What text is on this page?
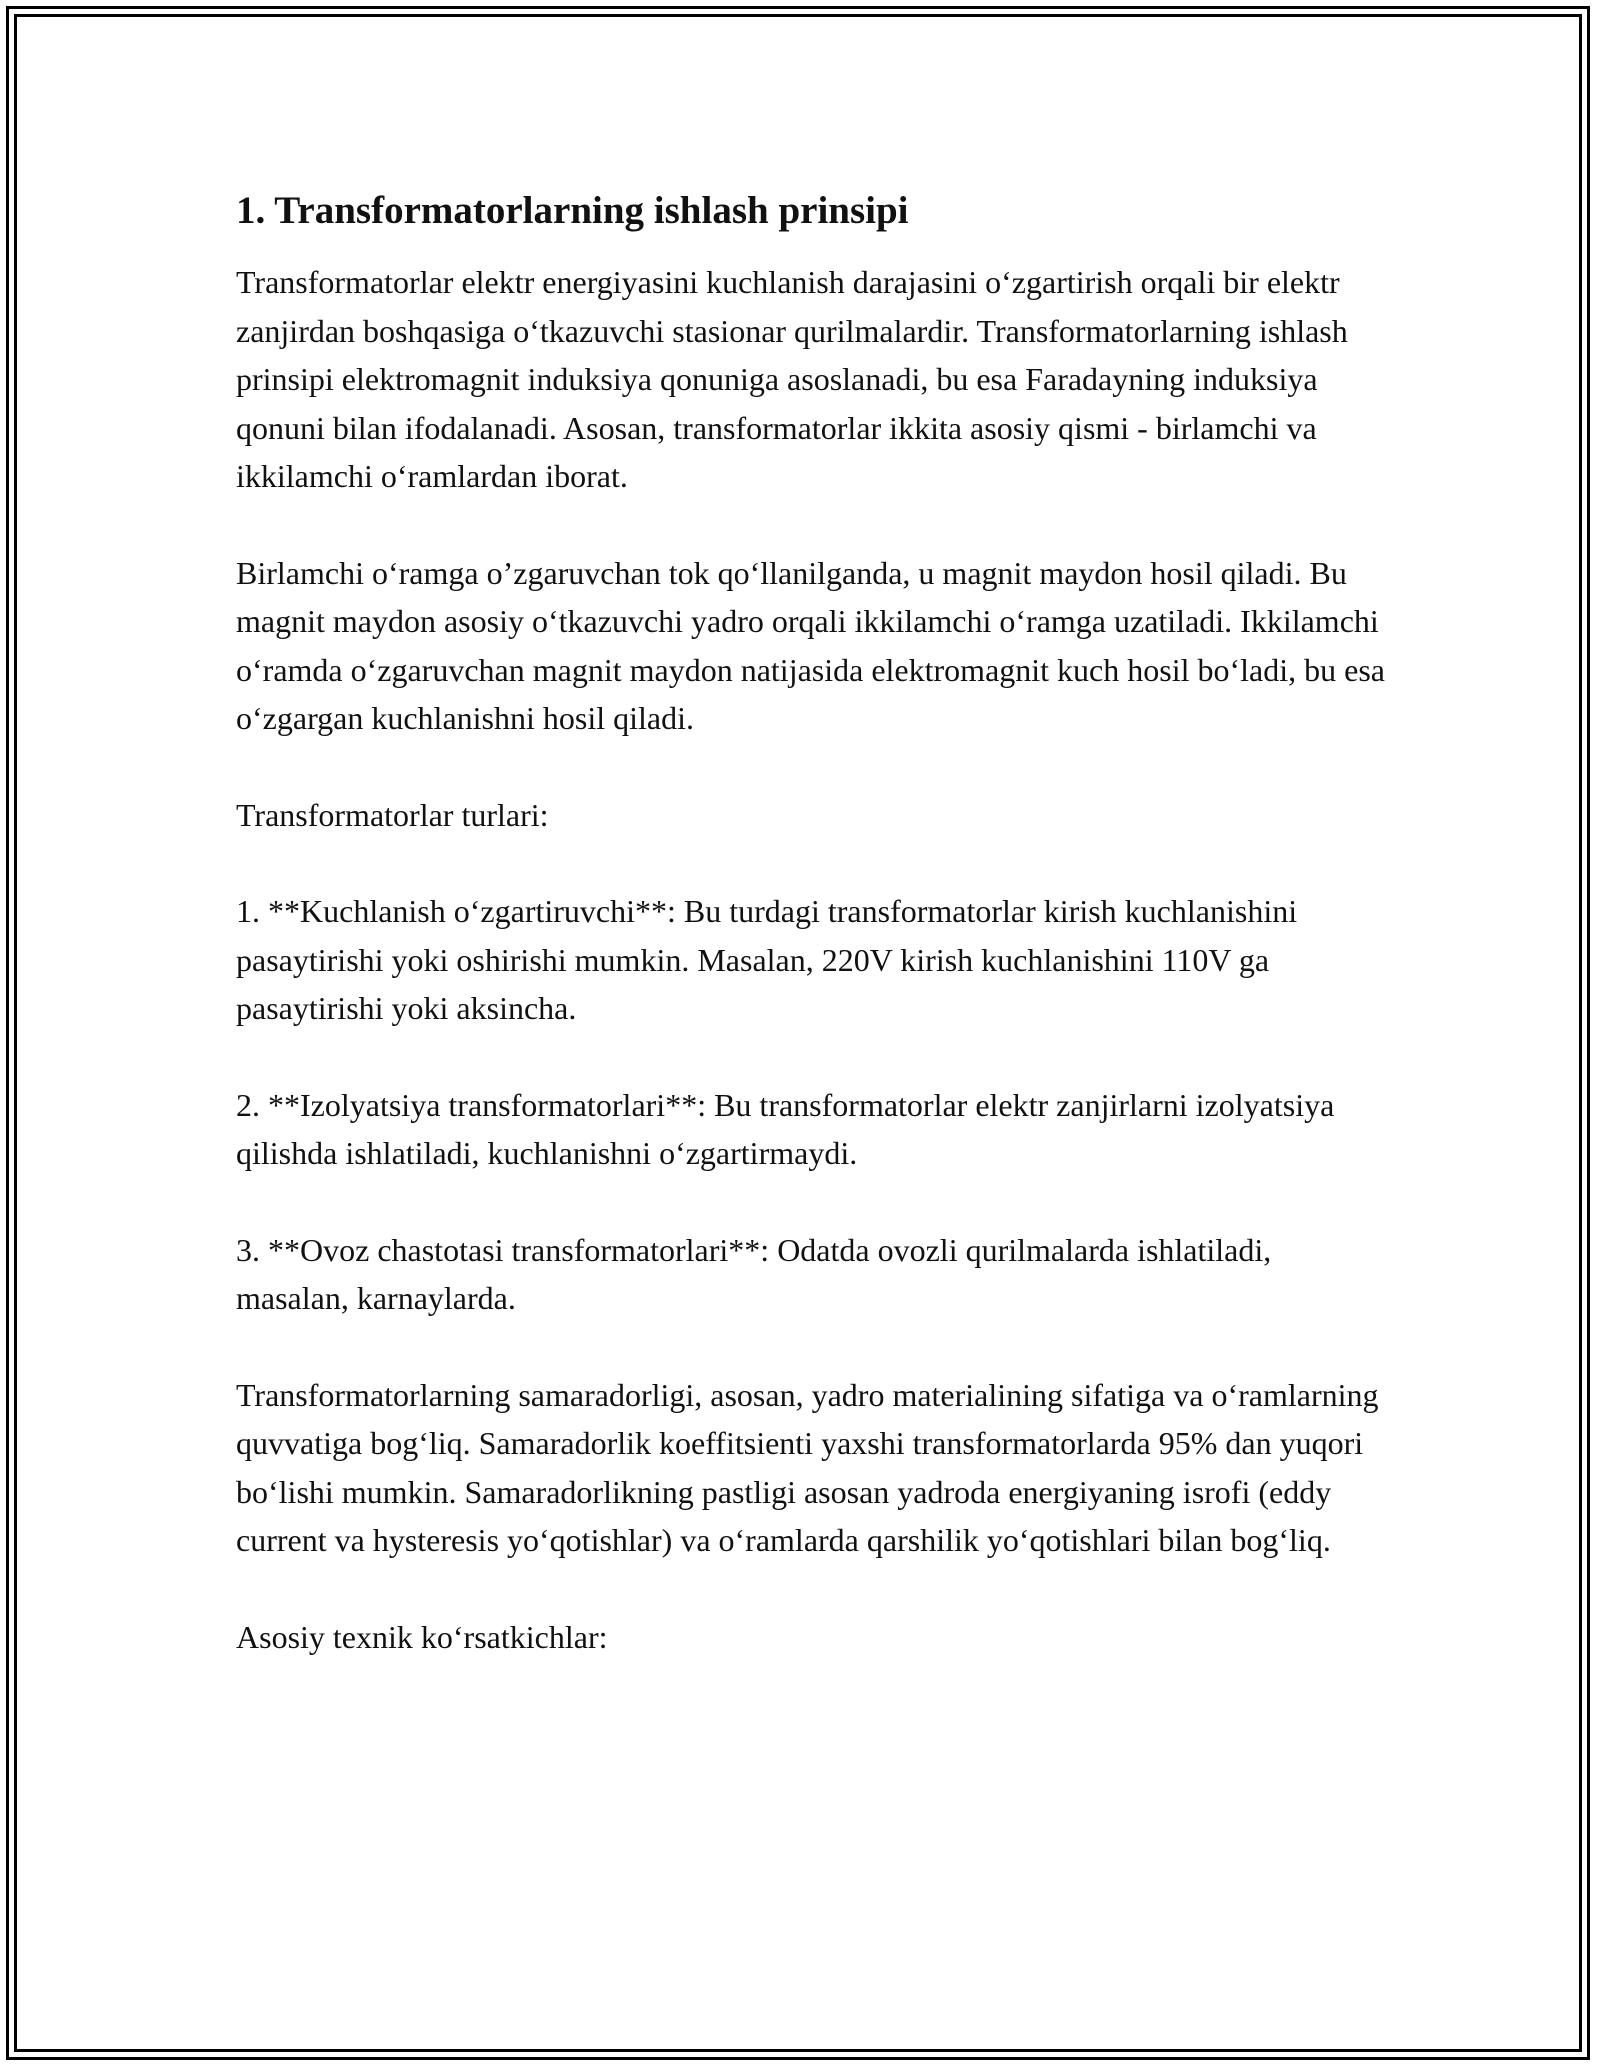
1. Transformatorlarning ishlash prinsipi

Transformatorlar elektr energiyasini kuchlanish darajasini o‘zgartirish orqali bir elektr zanjirdan boshqasiga o‘tkazuvchi stasionar qurilmalardir. Transformatorlarning ishlash prinsipi elektromagnit induksiya qonuniga asoslanadi, bu esa Faradayning induksiya qonuni bilan ifodalanadi. Asosan, transformatorlar ikkita asosiy qismi - birlamchi va ikkilamchi o‘ramlardan iborat.

Birlamchi o‘ramga o’zgaruvchan tok qo‘llanilganda, u magnit maydon hosil qiladi. Bu magnit maydon asosiy o‘tkazuvchi yadro orqali ikkilamchi o‘ramga uzatiladi. Ikkilamchi o‘ramda o‘zgaruvchan magnit maydon natijasida elektromagnit kuch hosil bo‘ladi, bu esa o‘zgargan kuchlanishni hosil qiladi.

Transformatorlar turlari:

1. **Kuchlanish o‘zgartiruvchi**: Bu turdagi transformatorlar kirish kuchlanishini pasaytirishi yoki oshirishi mumkin. Masalan, 220V kirish kuchlanishini 110V ga pasaytirishi yoki aksincha.

2. **Izolyatsiya transformatorlari**: Bu transformatorlar elektr zanjirlarni izolyatsiya qilishda ishlatiladi, kuchlanishni o‘zgartirmaydi.

3. **Ovoz chastotasi transformatorlari**: Odatda ovozli qurilmalarda ishlatiladi, masalan, karnaylarda.

Transformatorlarning samaradorligi, asosan, yadro materialining sifatiga va o‘ramlarning quvvatiga bog‘liq. Samaradorlik koeffitsienti yaxshi transformatorlarda 95% dan yuqori bo‘lishi mumkin. Samaradorlikning pastligi asosan yadroda energiyaning isrofi (eddy current va hysteresis yo‘qotishlar) va o‘ramlarda qarshilik yo‘qotishlari bilan bog‘liq.

Asosiy texnik ko‘rsatkichlar:
